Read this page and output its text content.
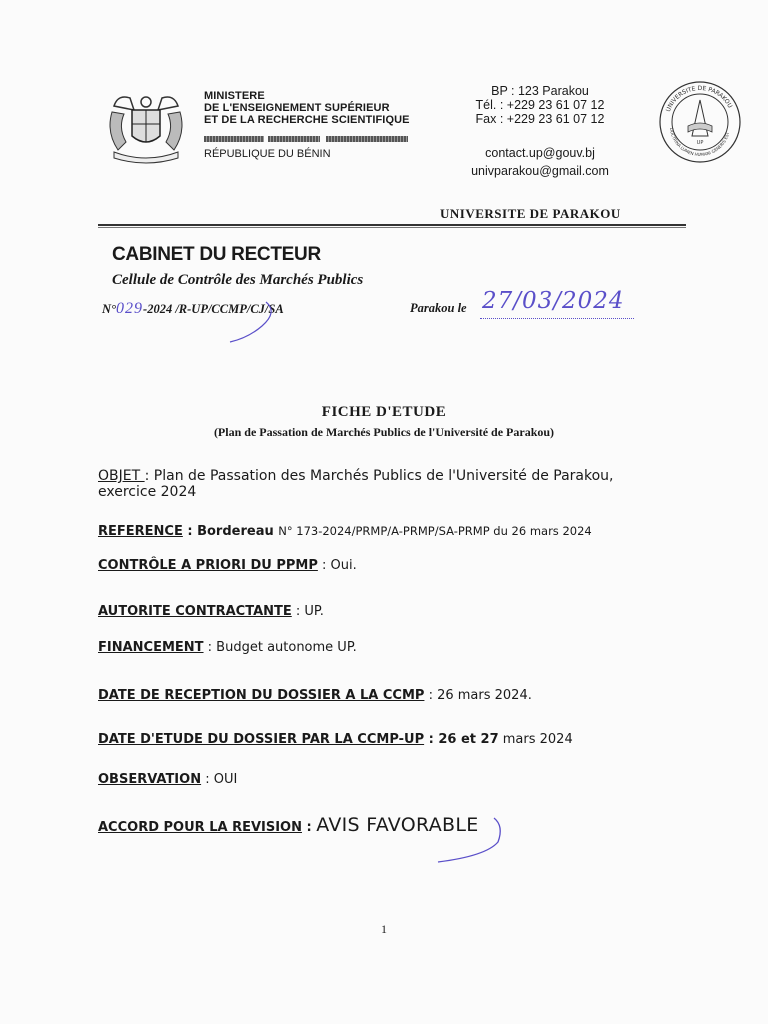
MINISTERE
DE L'ENSEIGNEMENT SUPÉRIEUR
ET DE LA RECHERCHE SCIENTIFIQUE
RÉPUBLIQUE DU BÉNIN
BP : 123 Parakou
Tél. : +229 23 61 07 12
Fax : +229 23 61 07 12
contact.up@gouv.bj
univparakou@gmail.com
UNIVERSITE DE PARAKOU
DOCTRINA LUMEN HUMANI GENERIS EST
UP
UNIVERSITE DE PARAKOU
CABINET DU RECTEUR
Cellule de Contrôle des Marchés Publics
N°029-2024 /R-UP/CCMP/CJ/SA	Parakou le 27/03/2024
FICHE D'ETUDE
(Plan de Passation de Marchés Publics de l'Université de Parakou)
OBJET : Plan de Passation des Marchés Publics de l'Université de Parakou,
exercice 2024
REFERENCE : Bordereau N° 173-2024/PRMP/A-PRMP/SA-PRMP du 26 mars 2024
CONTRÔLE A PRIORI DU PPMP : Oui.
AUTORITE CONTRACTANTE : UP.
FINANCEMENT : Budget autonome UP.
DATE DE RECEPTION DU DOSSIER A LA CCMP : 26 mars 2024.
DATE D'ETUDE DU DOSSIER PAR LA CCMP-UP : 26 et 27 mars 2024
OBSERVATION : OUI
ACCORD POUR LA REVISION : AVIS FAVORABLE
1
